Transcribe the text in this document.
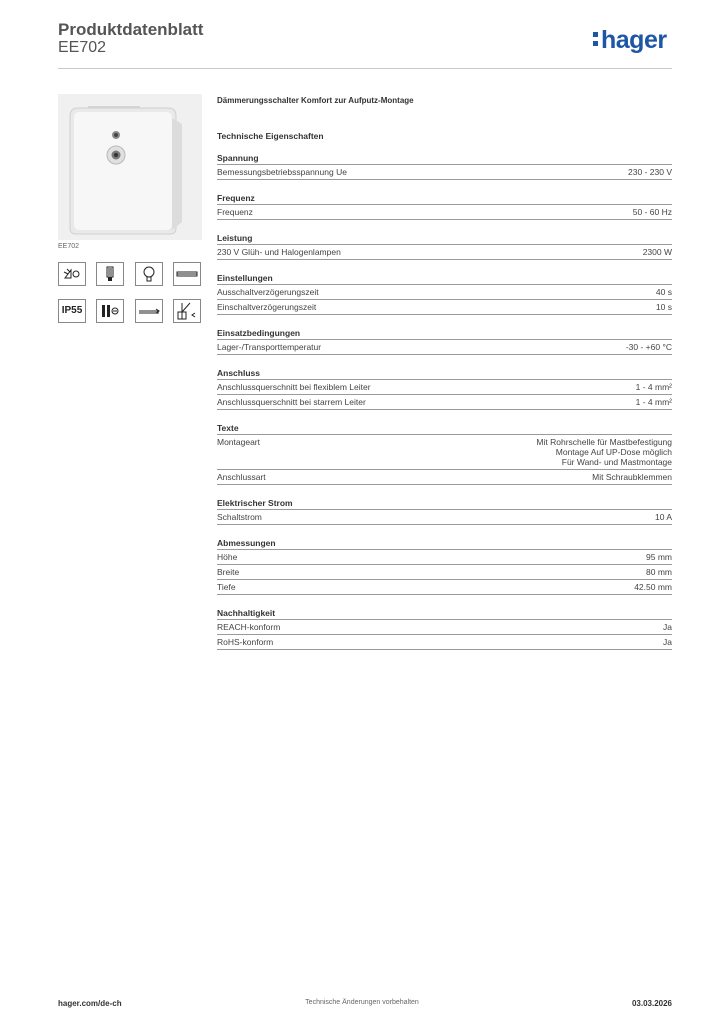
Produktdatenblatt
EE702	hager
EE702
IP55
Dämmerungsschalter Komfort zur Aufputz-Montage
Technische Eigenschaften
Spannung
Bemessungsbetriebsspannung Ue	230 - 230 V
Frequenz
Frequenz	50 - 60 Hz
Leistung
230 V Glüh- und Halogenlampen	2300 W
Einstellungen
Ausschaltverzögerungszeit	40 s
Einschaltverzögerungszeit	10 s
Einsatzbedingungen
Lager-/Transporttemperatur	-30 - +60 °C
Anschluss
Anschlussquerschnitt bei flexiblem Leiter	1 - 4 mm²
Anschlussquerschnitt bei starrem Leiter	1 - 4 mm²
Texte
Montageart	Mit Rohrschelle für Mastbefestigung
Montage Auf UP-Dose möglich
Für Wand- und Mastmontage
Anschlussart	Mit Schraubklemmen
Elektrischer Strom
Schaltstrom	10 A
Abmessungen
Höhe	95 mm
Breite	80 mm
Tiefe	42.50 mm
Nachhaltigkeit
REACH-konform	Ja
RoHS-konform	Ja
hager.com/de-ch	Technische Änderungen vorbehalten	03.03.2026
